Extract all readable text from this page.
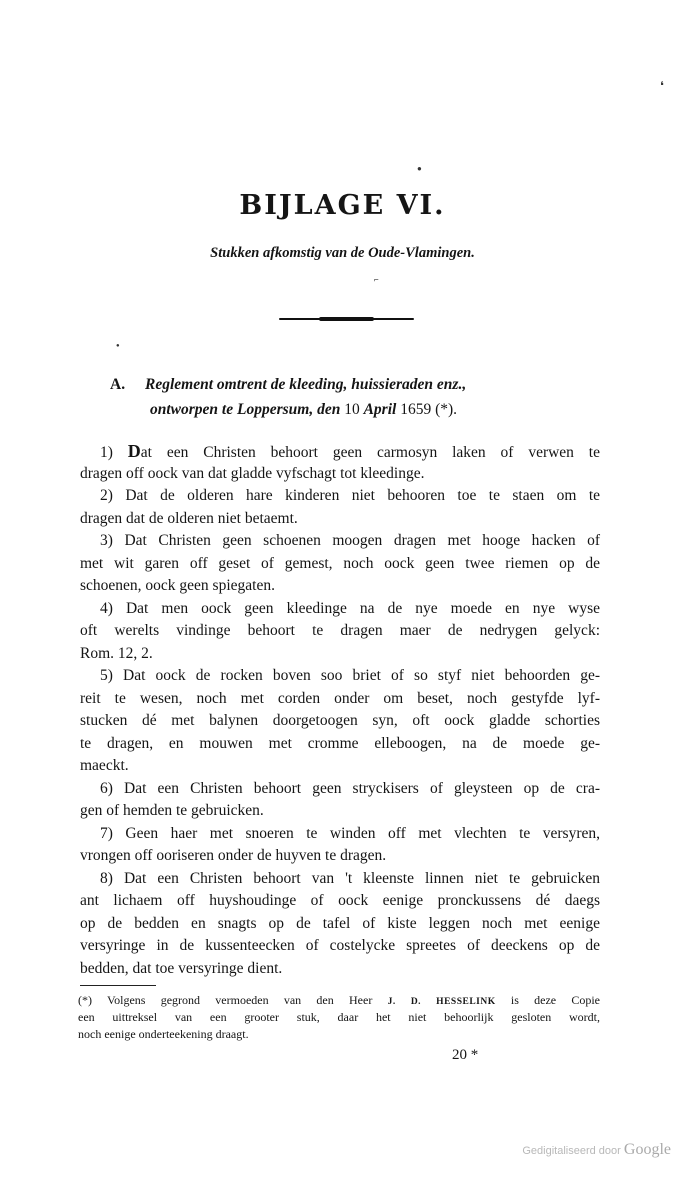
❛
●
⌐
●
BIJLAGE VI.
Stukken afkomstig van de Oude-Vlamingen.
A. Reglement omtrent de kleeding, huissieraden enz.,
ontworpen te Loppersum, den 10 April 1659 (*).
1) Dat een Christen behoort geen carmosyn laken of verwen te
dragen off oock van dat gladde vyfschagt tot kleedinge.
2) Dat de olderen hare kinderen niet behooren toe te staen om te
dragen dat de olderen niet betaemt.
3) Dat Christen geen schoenen moogen dragen met hooge hacken of
met wit garen off geset of gemest, noch oock geen twee riemen op de
schoenen, oock geen spiegaten.
4) Dat men oock geen kleedinge na de nye moede en nye wyse
oft werelts vindinge behoort te dragen maer de nedrygen gelyck:
Rom. 12, 2.
5) Dat oock de rocken boven soo briet of so styf niet behoorden ge-
reit te wesen, noch met corden onder om beset, noch gestyfde lyf-
stucken dé met balynen doorgetoogen syn, oft oock gladde schorties
te dragen, en mouwen met cromme elleboogen, na de moede ge-
maeckt.
6) Dat een Christen behoort geen stryckisers of gleysteen op de cra-
gen of hemden te gebruicken.
7) Geen haer met snoeren te winden off met vlechten te versyren,
vrongen off ooriseren onder de huyven te dragen.
8) Dat een Christen behoort van 't kleenste linnen niet te gebruicken
ant lichaem off huyshoudinge of oock eenige pronckussens dé daegs
op de bedden en snagts op de tafel of kiste leggen noch met eenige
versyringe in de kussenteecken of costelycke spreetes of deeckens op de
bedden, dat toe versyringe dient.
(*) Volgens gegrond vermoeden van den Heer J. D. HESSELINK is deze Copie
een uittreksel van een grooter stuk, daar het niet behoorlijk gesloten wordt,
noch eenige onderteekening draagt.
20 *
Gedigitaliseerd door Google
